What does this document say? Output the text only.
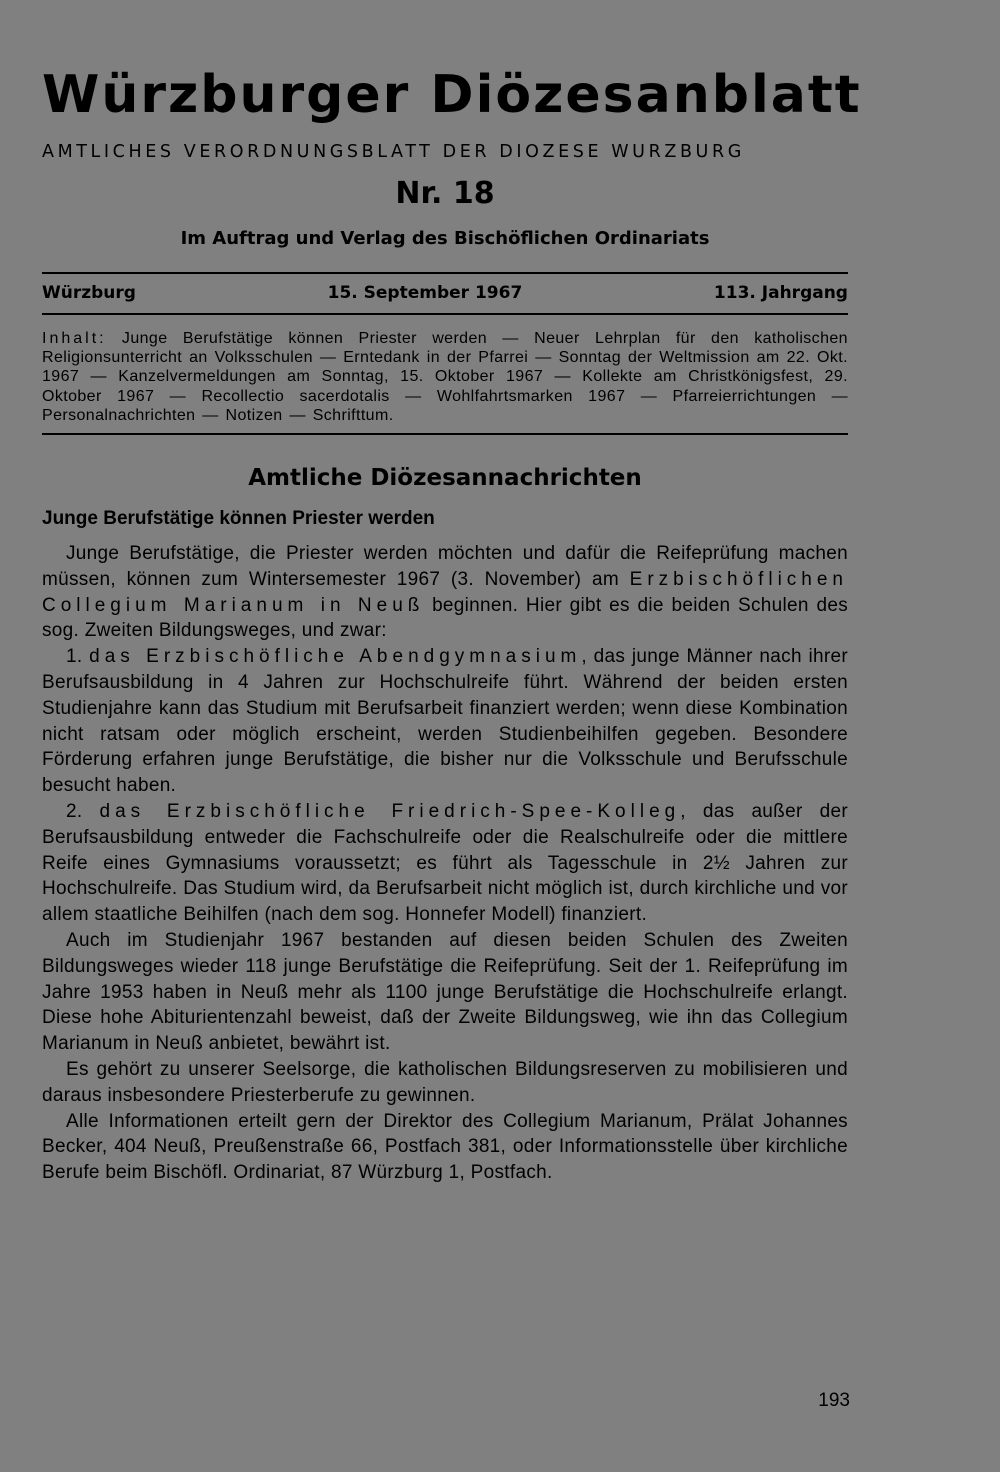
Würzburger Diözesanblatt
AMTLICHES VERORDNUNGSBLATT DER DIOZESE WURZBURG
Nr. 18
Im Auftrag und Verlag des Bischöflichen Ordinariats
Würzburg	15. September 1967	113. Jahrgang
Inhalt: Junge Berufstätige können Priester werden — Neuer Lehrplan für den katholischen Religionsunterricht an Volksschulen — Erntedank in der Pfarrei — Sonntag der Weltmission am 22. Okt. 1967 — Kanzelvermeldungen am Sonntag, 15. Oktober 1967 — Kollekte am Christkönigsfest, 29. Oktober 1967 — Recollectio sacerdotalis — Wohlfahrtsmarken 1967 — Pfarreierrichtungen — Personalnachrichten — Notizen — Schrifttum.
Amtliche Diözesannachrichten
Junge Berufstätige können Priester werden

Junge Berufstätige, die Priester werden möchten und dafür die Reifeprüfung machen müssen, können zum Wintersemester 1967 (3. November) am Erzbischöflichen Collegium Marianum in Neuß beginnen. Hier gibt es die beiden Schulen des sog. Zweiten Bildungsweges, und zwar:

1. das Erzbischöfliche Abendgymnasium, das junge Männer nach ihrer Berufsausbildung in 4 Jahren zur Hochschulreife führt. Während der beiden ersten Studienjahre kann das Studium mit Berufsarbeit finanziert werden; wenn diese Kombination nicht ratsam oder möglich erscheint, werden Studienbeihilfen gegeben. Besondere Förderung erfahren junge Berufstätige, die bisher nur die Volksschule und Berufsschule besucht haben.

2. das Erzbischöfliche Friedrich-Spee-Kolleg, das außer der Berufsausbildung entweder die Fachschulreife oder die Realschulreife oder die mittlere Reife eines Gymnasiums voraussetzt; es führt als Tagesschule in 2½ Jahren zur Hochschulreife. Das Studium wird, da Berufsarbeit nicht möglich ist, durch kirchliche und vor allem staatliche Beihilfen (nach dem sog. Honnefer Modell) finanziert.

Auch im Studienjahr 1967 bestanden auf diesen beiden Schulen des Zweiten Bildungsweges wieder 118 junge Berufstätige die Reifeprüfung. Seit der 1. Reifeprüfung im Jahre 1953 haben in Neuß mehr als 1100 junge Berufstätige die Hochschulreife erlangt. Diese hohe Abiturientenzahl beweist, daß der Zweite Bildungsweg, wie ihn das Collegium Marianum in Neuß anbietet, bewährt ist.

Es gehört zu unserer Seelsorge, die katholischen Bildungsreserven zu mobilisieren und daraus insbesondere Priesterberufe zu gewinnen.

Alle Informationen erteilt gern der Direktor des Collegium Marianum, Prälat Johannes Becker, 404 Neuß, Preußenstraße 66, Postfach 381, oder Informationsstelle über kirchliche Berufe beim Bischöfl. Ordinariat, 87 Würzburg 1, Postfach.

193
